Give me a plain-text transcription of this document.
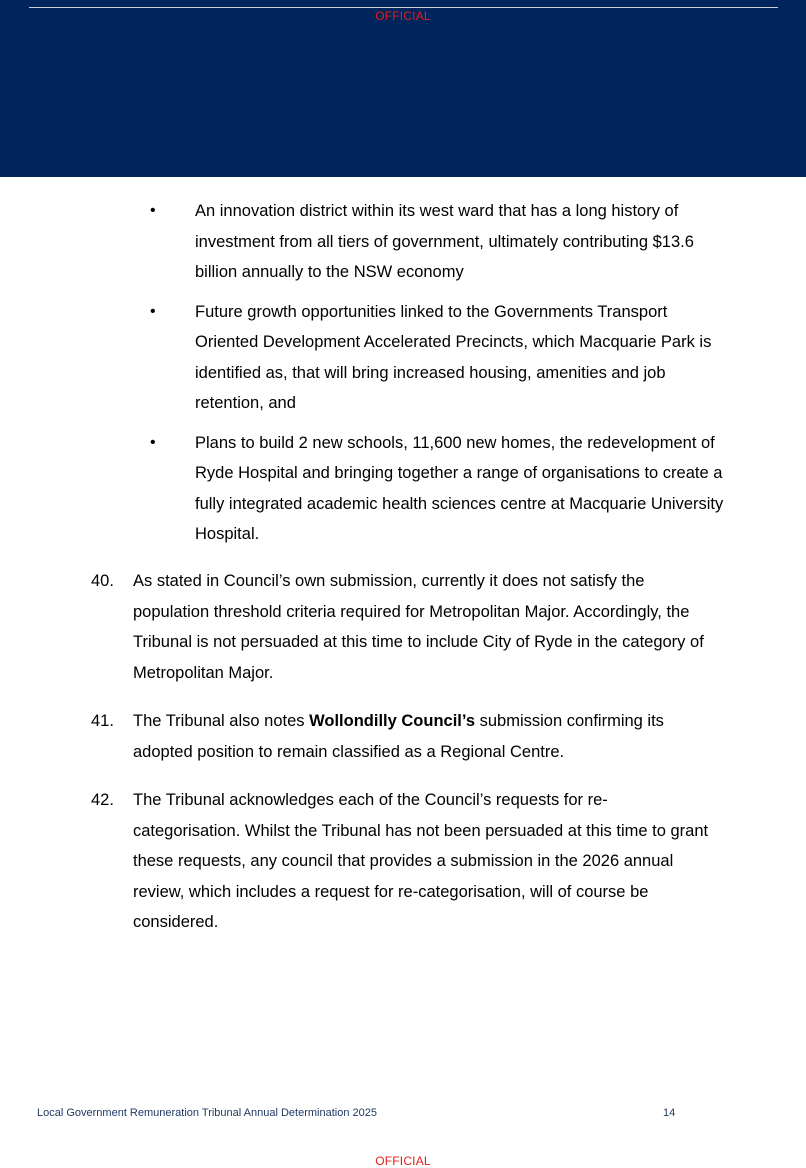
OFFICIAL
• An innovation district within its west ward that has a long history of investment from all tiers of government, ultimately contributing $13.6 billion annually to the NSW economy
• Future growth opportunities linked to the Governments Transport Oriented Development Accelerated Precincts, which Macquarie Park is identified as, that will bring increased housing, amenities and job retention, and
• Plans to build 2 new schools, 11,600 new homes, the redevelopment of Ryde Hospital and bringing together a range of organisations to create a fully integrated academic health sciences centre at Macquarie University Hospital.
40. As stated in Council’s own submission, currently it does not satisfy the population threshold criteria required for Metropolitan Major. Accordingly, the Tribunal is not persuaded at this time to include City of Ryde in the category of Metropolitan Major.
41. The Tribunal also notes Wollondilly Council’s submission confirming its adopted position to remain classified as a Regional Centre.
42. The Tribunal acknowledges each of the Council’s requests for re-categorisation. Whilst the Tribunal has not been persuaded at this time to grant these requests, any council that provides a submission in the 2026 annual review, which includes a request for re-categorisation, will of course be considered.
Local Government Remuneration Tribunal Annual Determination 2025	14
OFFICIAL
